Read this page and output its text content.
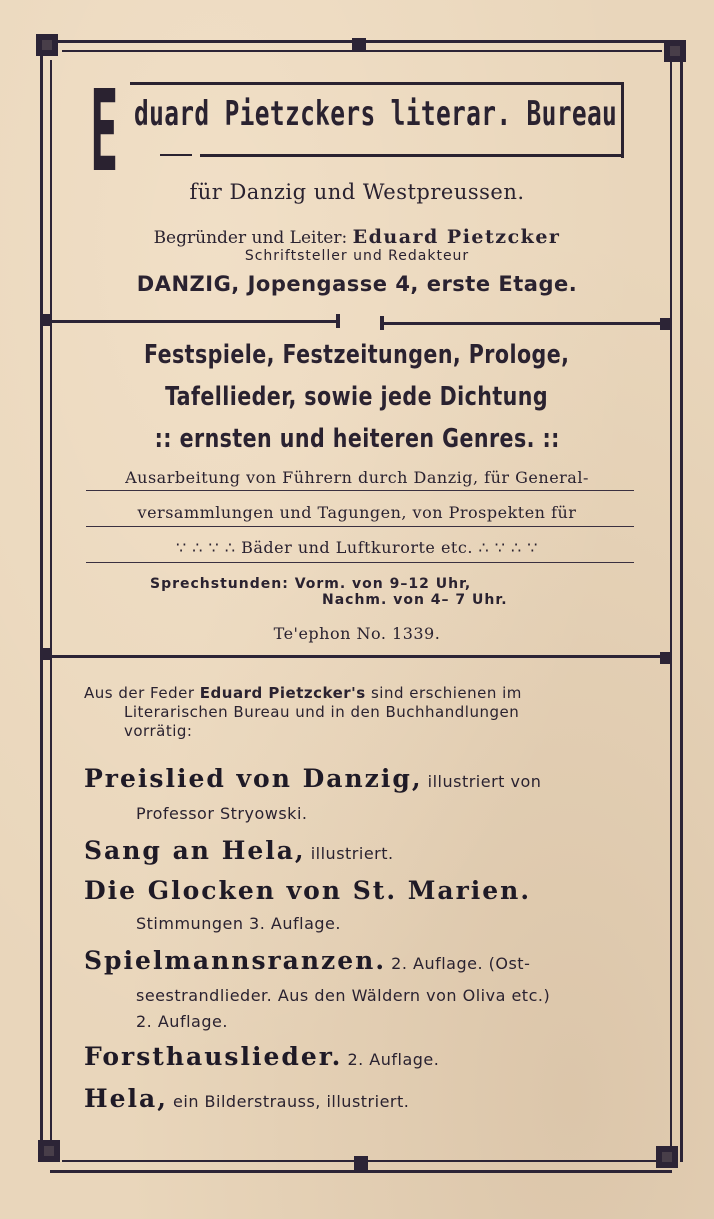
E duard Pietzckers literar. Bureau
für Danzig und Westpreussen.
Begründer und Leiter: Eduard Pietzcker
Schriftsteller und Redakteur
DANZIG, Jopengasse 4, erste Etage.
Festspiele, Festzeitungen, Prologe,
Tafellieder, sowie jede Dichtung
:: ernsten und heiteren Genres. ::
Ausarbeitung von Führern durch Danzig, für General-
versammlungen und Tagungen, von Prospekten für
∵ ∴ ∵ ∴ Bäder und Luftkurorte etc. ∴ ∵ ∴ ∵
Sprechstunden: Vorm. von 9–12 Uhr,
Nachm. von 4– 7 Uhr.
Te'ephon No. 1339.
Aus der Feder Eduard Pietzcker's sind erschienen im
Literarischen Bureau und in den Buchhandlungen
vorrätig:
Preislied von Danzig, illustriert von
Professor Stryowski.
Sang an Hela, illustriert.
Die Glocken von St. Marien.
Stimmungen 3. Auflage.
Spielmannsranzen. 2. Auflage. (Ost-
seestrandlieder. Aus den Wäldern von Oliva etc.)
2. Auflage.
Forsthauslieder. 2. Auflage.
Hela, ein Bilderstrauss, illustriert.
